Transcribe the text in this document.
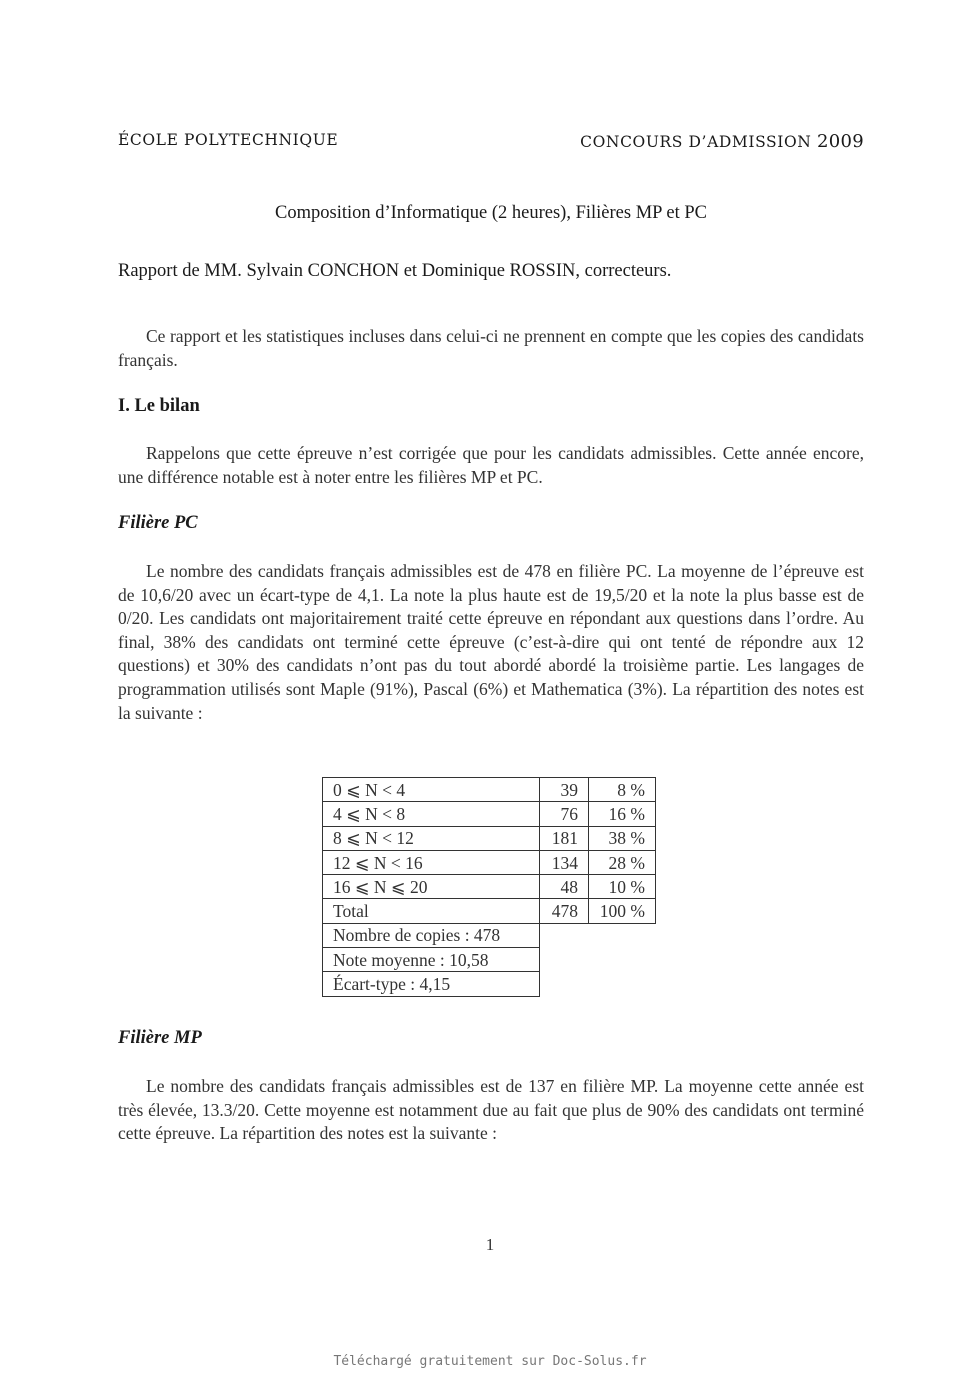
ÉCOLE POLYTECHNIQUE	CONCOURS D’ADMISSION 2009
Composition d’Informatique (2 heures), Filières MP et PC
Rapport de MM. Sylvain CONCHON et Dominique ROSSIN, correcteurs.
Ce rapport et les statistiques incluses dans celui-ci ne prennent en compte que les copies des candidats français.
I. Le bilan
Rappelons que cette épreuve n’est corrigée que pour les candidats admissibles. Cette année encore, une différence notable est à noter entre les filières MP et PC.
Filière PC
Le nombre des candidats français admissibles est de 478 en filière PC. La moyenne de l’épreuve est de 10,6/20 avec un écart-type de 4,1. La note la plus haute est de 19,5/20 et la note la plus basse est de 0/20. Les candidats ont majoritairement traité cette épreuve en répondant aux questions dans l’ordre. Au final, 38% des candidats ont terminé cette épreuve (c’est-à-dire qui ont tenté de répondre aux 12 questions) et 30% des candidats n’ont pas du tout abordé abordé la troisième partie. Les langages de programmation utilisés sont Maple (91%), Pascal (6%) et Mathematica (3%). La répartition des notes est la suivante :
0 ⩽ N < 4	39	8 %
4 ⩽ N < 8	76	16 %
8 ⩽ N < 12	181	38 %
12 ⩽ N < 16	134	28 %
16 ⩽ N ⩽ 20	48	10 %
Total	478	100 %
Nombre de copies : 478		
Note moyenne : 10,58		
Écart-type : 4,15		
Filière MP
Le nombre des candidats français admissibles est de 137 en filière MP. La moyenne cette année est très élevée, 13.3/20. Cette moyenne est notamment due au fait que plus de 90% des candidats ont terminé cette épreuve. La répartition des notes est la suivante :
1
Téléchargé gratuitement sur Doc-Solus.fr
